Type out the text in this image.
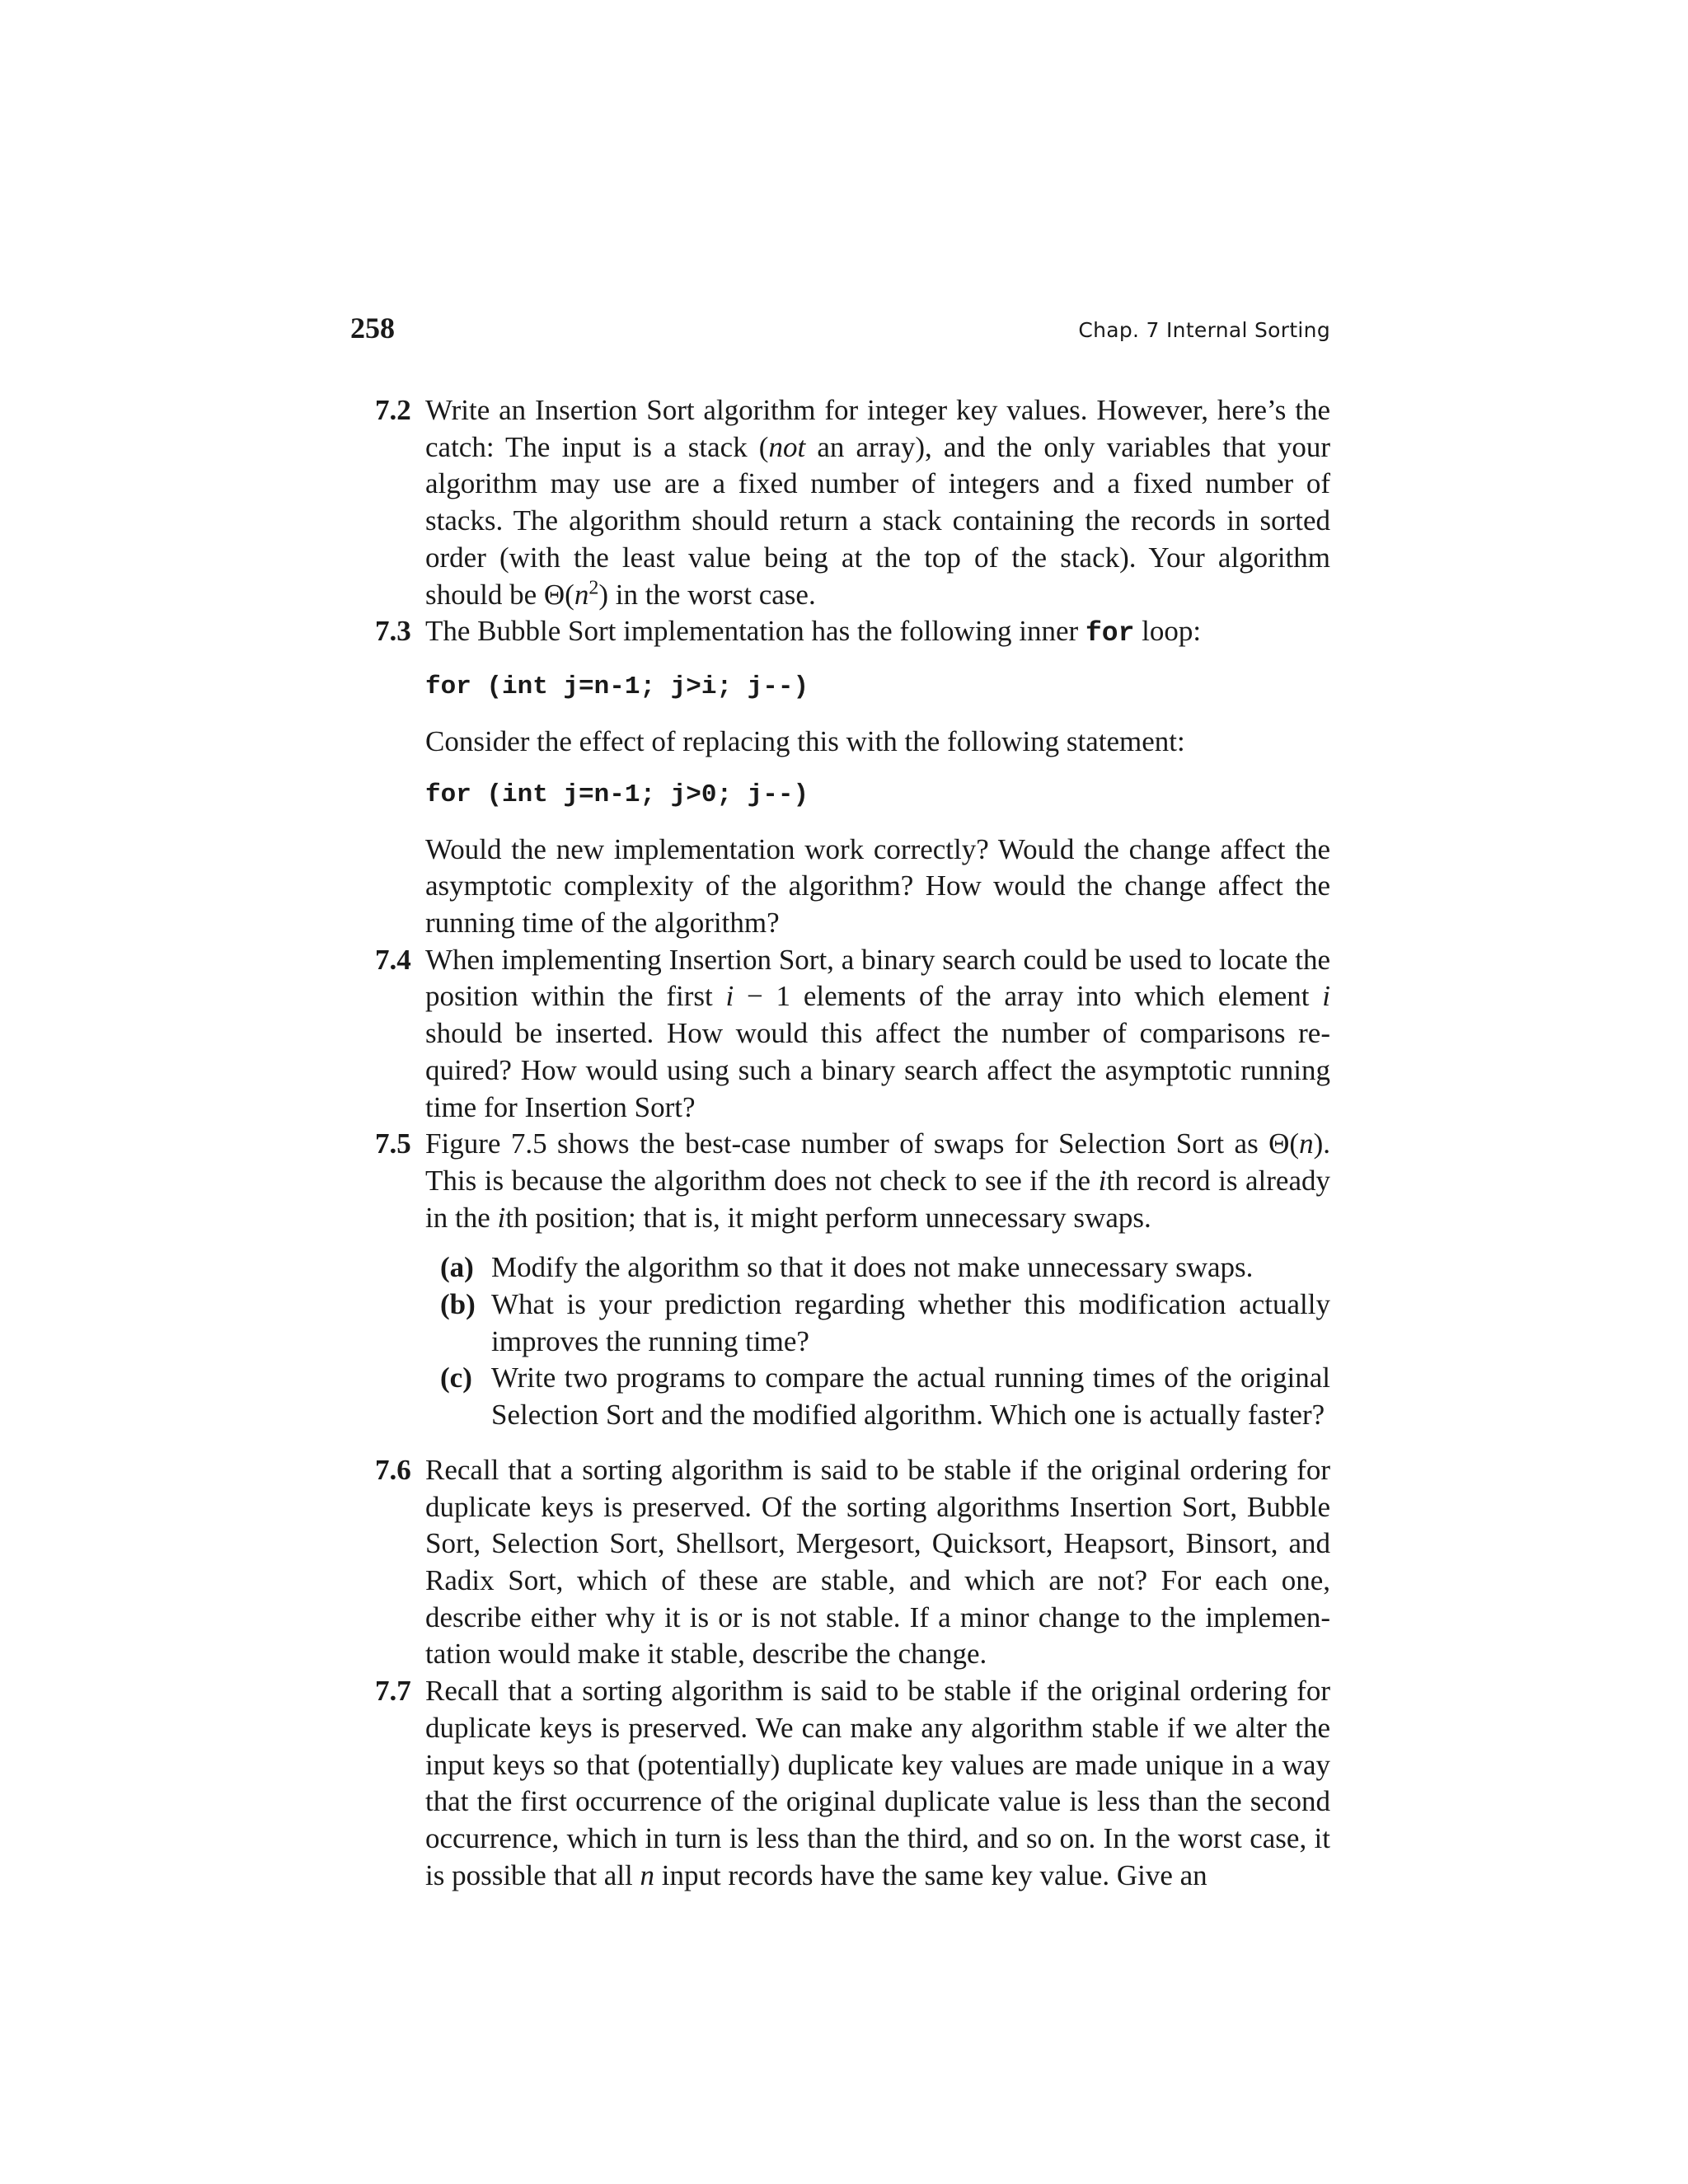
258	Chap. 7 Internal Sorting
7.2 Write an Insertion Sort algorithm for integer key values. However, here’s the catch: The input is a stack (not an array), and the only variables that your algorithm may use are a fixed number of integers and a fixed number of stacks. The algorithm should return a stack containing the records in sorted order (with the least value being at the top of the stack). Your algorithm should be $\Theta(n^2)$ in the worst case.
7.3 The Bubble Sort implementation has the following inner for loop:
for (int j=n-1; j>i; j--)
Consider the effect of replacing this with the following statement:
for (int j=n-1; j>0; j--)
Would the new implementation work correctly? Would the change affect the asymptotic complexity of the algorithm? How would the change affect the running time of the algorithm?
7.4 When implementing Insertion Sort, a binary search could be used to locate the position within the first i − 1 elements of the array into which element i should be inserted. How would this affect the number of comparisons required? How would using such a binary search affect the asymptotic running time for Insertion Sort?
7.5 Figure 7.5 shows the best-case number of swaps for Selection Sort as Θ(n). This is because the algorithm does not check to see if the ith record is already in the ith position; that is, it might perform unnecessary swaps.
(a) Modify the algorithm so that it does not make unnecessary swaps.
(b) What is your prediction regarding whether this modification actually improves the running time?
(c) Write two programs to compare the actual running times of the original Selection Sort and the modified algorithm. Which one is actually faster?
7.6 Recall that a sorting algorithm is said to be stable if the original ordering for duplicate keys is preserved. Of the sorting algorithms Insertion Sort, Bubble Sort, Selection Sort, Shellsort, Mergesort, Quicksort, Heapsort, Binsort, and Radix Sort, which of these are stable, and which are not? For each one, describe either why it is or is not stable. If a minor change to the implementation would make it stable, describe the change.
7.7 Recall that a sorting algorithm is said to be stable if the original ordering for duplicate keys is preserved. We can make any algorithm stable if we alter the input keys so that (potentially) duplicate key values are made unique in a way that the first occurrence of the original duplicate value is less than the second occurrence, which in turn is less than the third, and so on. In the worst case, it is possible that all n input records have the same key value. Give an
